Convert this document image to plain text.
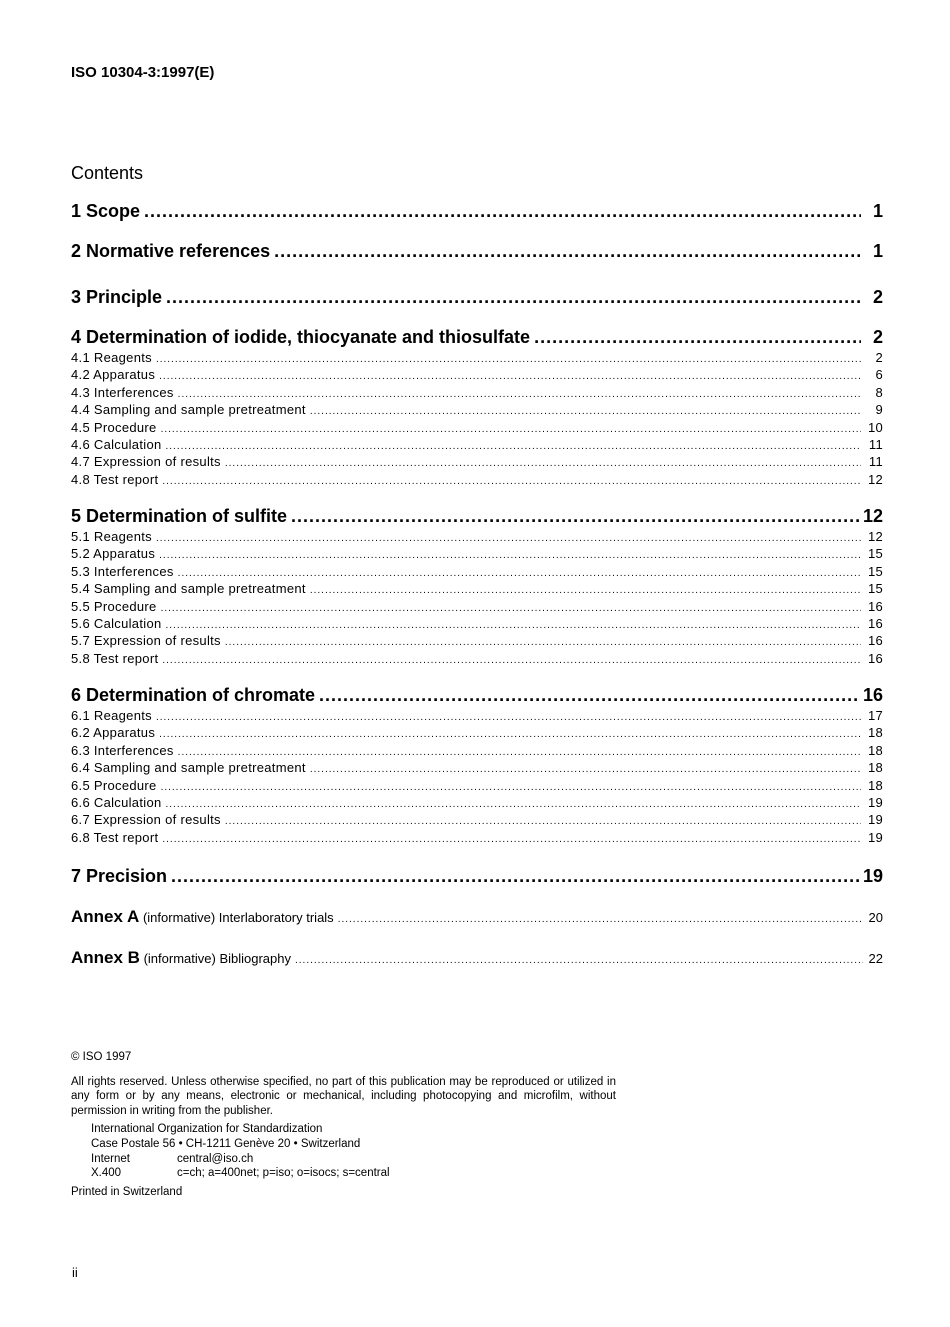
ISO 10304-3:1997(E)
Contents
1 Scope .....	1
2 Normative references .....	1
3 Principle .....	2
4 Determination of iodide, thiocyanate and thiosulfate .....	2
4.1 Reagents .....	2
4.2 Apparatus .....	6
4.3 Interferences .....	8
4.4 Sampling and sample pretreatment .....	9
4.5 Procedure .....	10
4.6 Calculation .....	11
4.7 Expression of results .....	11
4.8 Test report .....	12
5 Determination of sulfite .....	12
5.1 Reagents .....	12
5.2 Apparatus .....	15
5.3 Interferences .....	15
5.4 Sampling and sample pretreatment .....	15
5.5 Procedure .....	16
5.6 Calculation .....	16
5.7 Expression of results .....	16
5.8 Test report .....	16
6 Determination of chromate .....	16
6.1 Reagents .....	17
6.2 Apparatus .....	18
6.3 Interferences .....	18
6.4 Sampling and sample pretreatment .....	18
6.5 Procedure .....	18
6.6 Calculation .....	19
6.7 Expression of results .....	19
6.8 Test report .....	19
7 Precision .....	19
Annex A (informative) Interlaboratory trials .....	20
Annex B (informative) Bibliography .....	22
© ISO 1997
All rights reserved. Unless otherwise specified, no part of this publication may be reproduced or utilized in any form or by any means, electronic or mechanical, including photocopying and microfilm, without permission in writing from the publisher.
International Organization for Standardization
Case Postale 56 • CH-1211 Genève 20 • Switzerland
Internet	central@iso.ch
X.400	c=ch; a=400net; p=iso; o=isocs; s=central
Printed in Switzerland
ii
